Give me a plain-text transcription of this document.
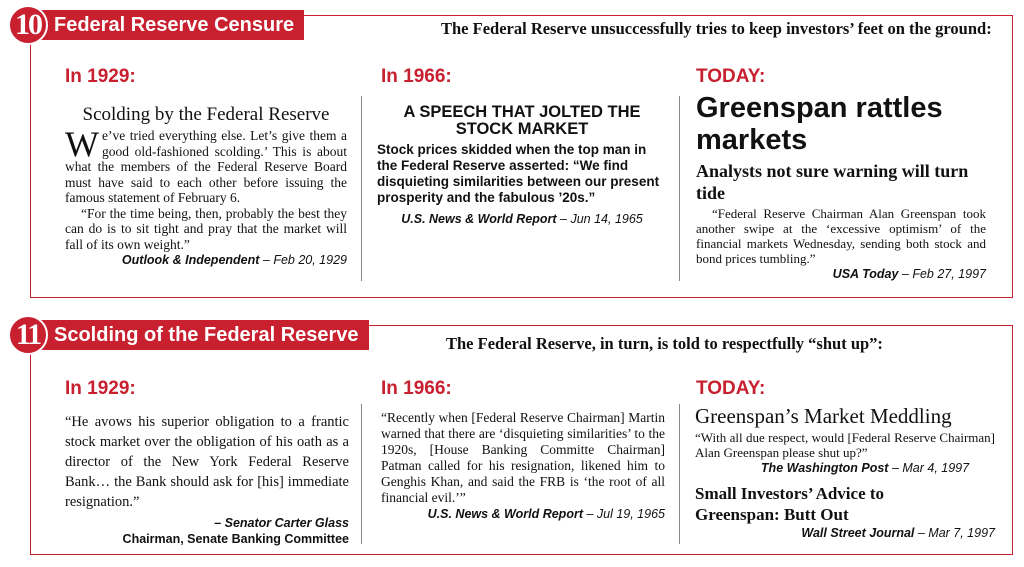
10 Federal Reserve Censure	The Federal Reserve unsuccessfully tries to keep investors’ feet on the ground:
In 1929:
Scolding by the Federal Reserve
We’ve tried everything else. Let’s give them a good old-fashioned scolding.’ This is about what the members of the Federal Reserve Board must have said to each other before issuing the famous statement of February 6.
“For the time being, then, probably the best they can do is to sit tight and pray that the market will fall of its own weight.”
Outlook & Independent – Feb 20, 1929
In 1966:
A SPEECH THAT JOLTED THE STOCK MARKET
Stock prices skidded when the top man in the Federal Reserve asserted: “We find disquieting similarities between our present prosperity and the fabulous ’20s.”
U.S. News & World Report – Jun 14, 1965
TODAY:
Greenspan rattles markets
Analysts not sure warning will turn tide
“Federal Reserve Chairman Alan Greenspan took another swipe at the ‘excessive optimism’ of the financial markets Wednesday, sending both stock and bond prices tumbling.”
USA Today – Feb 27, 1997
11 Scolding of the Federal Reserve	The Federal Reserve, in turn, is told to respectfully “shut up”:
In 1929:
“He avows his superior obligation to a frantic stock market over the obligation of his oath as a director of the New York Federal Reserve Bank… the Bank should ask for [his] immediate resignation.”
– Senator Carter Glass
Chairman, Senate Banking Committee
In 1966:
“Recently when [Federal Reserve Chairman] Martin warned that there are ‘disquieting similarities’ to the 1920s, [House Banking Committe Chairman] Patman called for his resignation, likened him to Genghis Khan, and said the FRB is ‘the root of all financial evil.’”
U.S. News & World Report – Jul 19, 1965
TODAY:
Greenspan’s Market Meddling
“With all due respect, would [Federal Reserve Chairman] Alan Greenspan please shut up?”
The Washington Post – Mar 4, 1997
Small Investors’ Advice to Greenspan: Butt Out
Wall Street Journal – Mar 7, 1997
